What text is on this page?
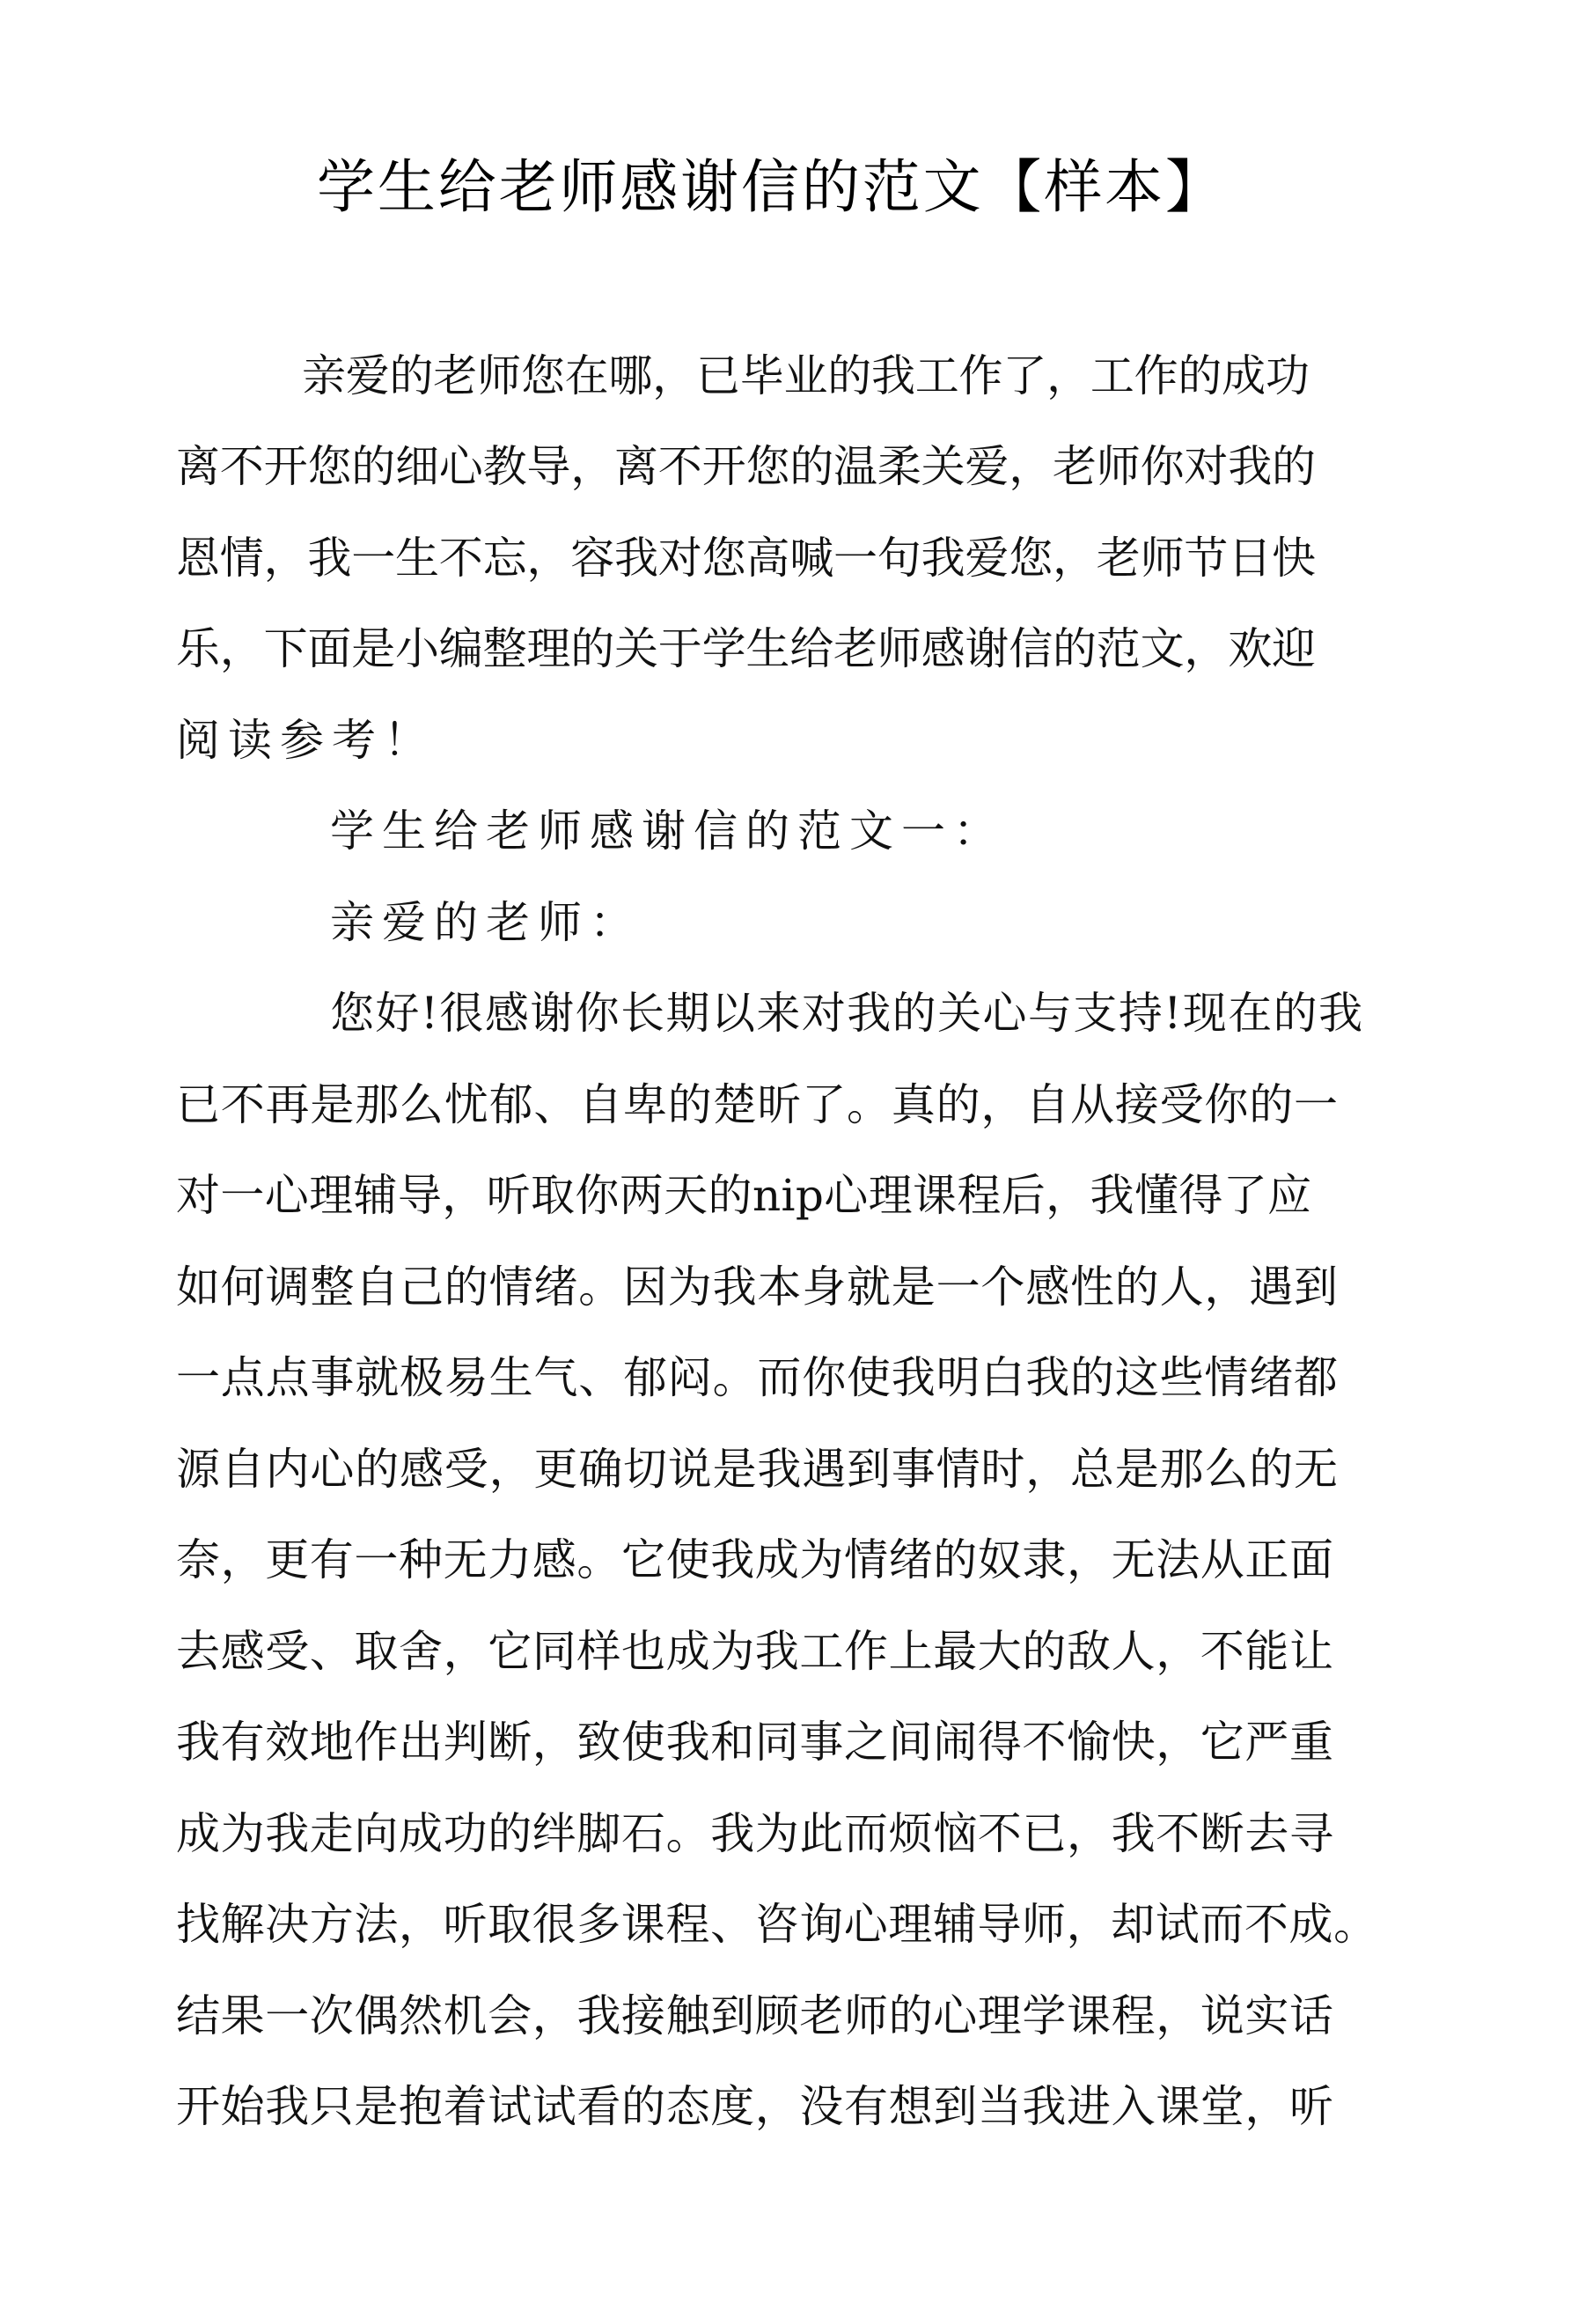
学生给老师感谢信的范文【样本】
亲爱的老师您在哪，已毕业的我工作了，工作的成功
离不开您的细心教导，离不开您的温柔关爱，老师你对我的
恩情，我一生不忘，容我对您高喊一句我爱您，老师节日快
乐，下面是小编整理的关于学生给老师感谢信的范文，欢迎
阅读参考！
学生给老师感谢信的范文一：
亲爱的老师：
您好!很感谢你长期以来对我的关心与支持!现在的我
已不再是那么忧郁、自卑的楚昕了。真的，自从接受你的一
对一心理辅导，听取你两天的nip心理课程后，我懂得了应
如何调整自己的情绪。因为我本身就是一个感性的人，遇到
一点点事就极易生气、郁闷。而你使我明白我的这些情绪都
源自内心的感受，更确切说是我遇到事情时，总是那么的无
奈，更有一种无力感。它使我成为情绪的奴隶，无法从正面
去感受、取舍，它同样也成为我工作上最大的敌人，不能让
我有效地作出判断，致使我和同事之间闹得不愉快，它严重
成为我走向成功的绊脚石。我为此而烦恼不已，我不断去寻
找解决方法，听取很多课程、咨询心理辅导师，却试而不成。
结果一次偶然机会，我接触到顾老师的心理学课程，说实话
开始我只是抱着试试看的态度，没有想到当我进入课堂，听
